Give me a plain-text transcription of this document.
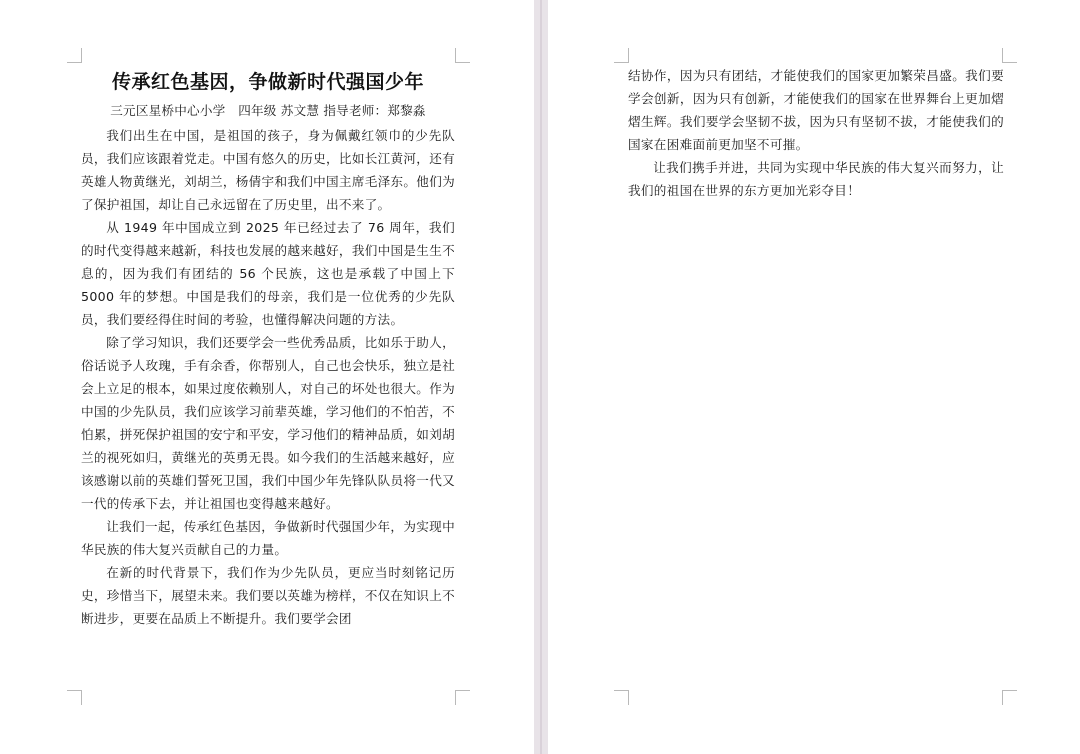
传承红色基因，争做新时代强国少年

三元区星桥中心小学　四年级 苏文慧 指导老师：郑黎淼

我们出生在中国，是祖国的孩子，身为佩戴红领巾的少先队员，我们应该跟着党走。中国有悠久的历史，比如长江黄河，还有英雄人物黄继光，刘胡兰，杨倩宇和我们中国主席毛泽东。他们为了保护祖国，却让自己永远留在了历史里，出不来了。

从 1949 年中国成立到 2025 年已经过去了 76 周年，我们的时代变得越来越新，科技也发展的越来越好，我们中国是生生不息的，因为我们有团结的 56 个民族，这也是承载了中国上下 5000 年的梦想。中国是我们的母亲，我们是一位优秀的少先队员，我们要经得住时间的考验，也懂得解决问题的方法。

除了学习知识，我们还要学会一些优秀品质，比如乐于助人，俗话说予人玫瑰，手有余香，你帮别人，自己也会快乐，独立是社会上立足的根本，如果过度依赖别人，对自己的坏处也很大。作为中国的少先队员，我们应该学习前辈英雄，学习他们的不怕苦，不怕累，拼死保护祖国的安宁和平安，学习他们的精神品质，如刘胡兰的视死如归，黄继光的英勇无畏。如今我们的生活越来越好，应该感谢以前的英雄们誓死卫国，我们中国少年先锋队队员将一代又一代的传承下去，并让祖国也变得越来越好。

让我们一起，传承红色基因，争做新时代强国少年，为实现中华民族的伟大复兴贡献自己的力量。

在新的时代背景下，我们作为少先队员，更应当时刻铭记历史，珍惜当下，展望未来。我们要以英雄为榜样，不仅在知识上不断进步，更要在品质上不断提升。我们要学会团

结协作，因为只有团结，才能使我们的国家更加繁荣昌盛。我们要学会创新，因为只有创新，才能使我们的国家在世界舞台上更加熠熠生辉。我们要学会坚韧不拔，因为只有坚韧不拔，才能使我们的国家在困难面前更加坚不可摧。

让我们携手并进，共同为实现中华民族的伟大复兴而努力，让我们的祖国在世界的东方更加光彩夺目！
